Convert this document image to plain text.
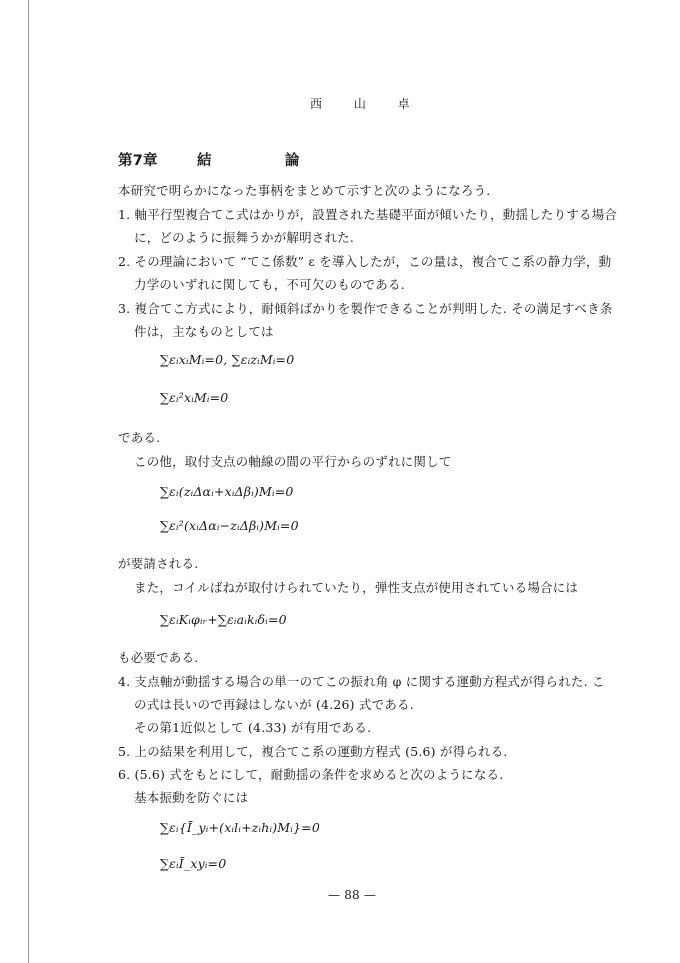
西 山 卓
第7章	結	論
本研究で明らかになった事柄をまとめて示すと次のようになろう.
1. 軸平行型複合てこ式はかりが，設置された基礎平面が傾いたり，動揺したりする場合
に，どのように振舞うかが解明された.
2. その理論において “てこ係数” ε を導入したが，この量は，複合てこ系の静力学，動
力学のいずれに関しても，不可欠のものである.
3. 複合てこ方式により，耐傾斜ばかりを製作できることが判明した. その満足すべき条
件は，主なものとしては
∑εᵢxᵢMᵢ=0, ∑εᵢzᵢMᵢ=0
∑εᵢ²xᵢMᵢ=0
である.
この他，取付支点の軸線の間の平行からのずれに関して
∑εᵢ(zᵢΔαᵢ+xᵢΔβᵢ)Mᵢ=0
∑εᵢ²(xᵢΔαᵢ−zᵢΔβᵢ)Mᵢ=0
が要請される.
また，コイルばねが取付けられていたり，弾性支点が使用されている場合には
∑εᵢKᵢφᵢᵣ+∑εᵢaᵢkᵢδᵢ=0
も必要である.
4. 支点軸が動揺する場合の単一のてこの振れ角 φ に関する運動方程式が得られた. こ
の式は長いので再録はしないが (4.26) 式である.
その第1近似として (4.33) が有用である.
5. 上の結果を利用して，複合てこ系の運動方程式 (5.6) が得られる.
6. (5.6) 式をもとにして，耐動揺の条件を求めると次のようになる.
基本振動を防ぐには
∑εᵢ{Ī_yᵢ+(xᵢlᵢ+zᵢhᵢ)Mᵢ}=0
∑εᵢĪ_xyᵢ=0
— 88 —
